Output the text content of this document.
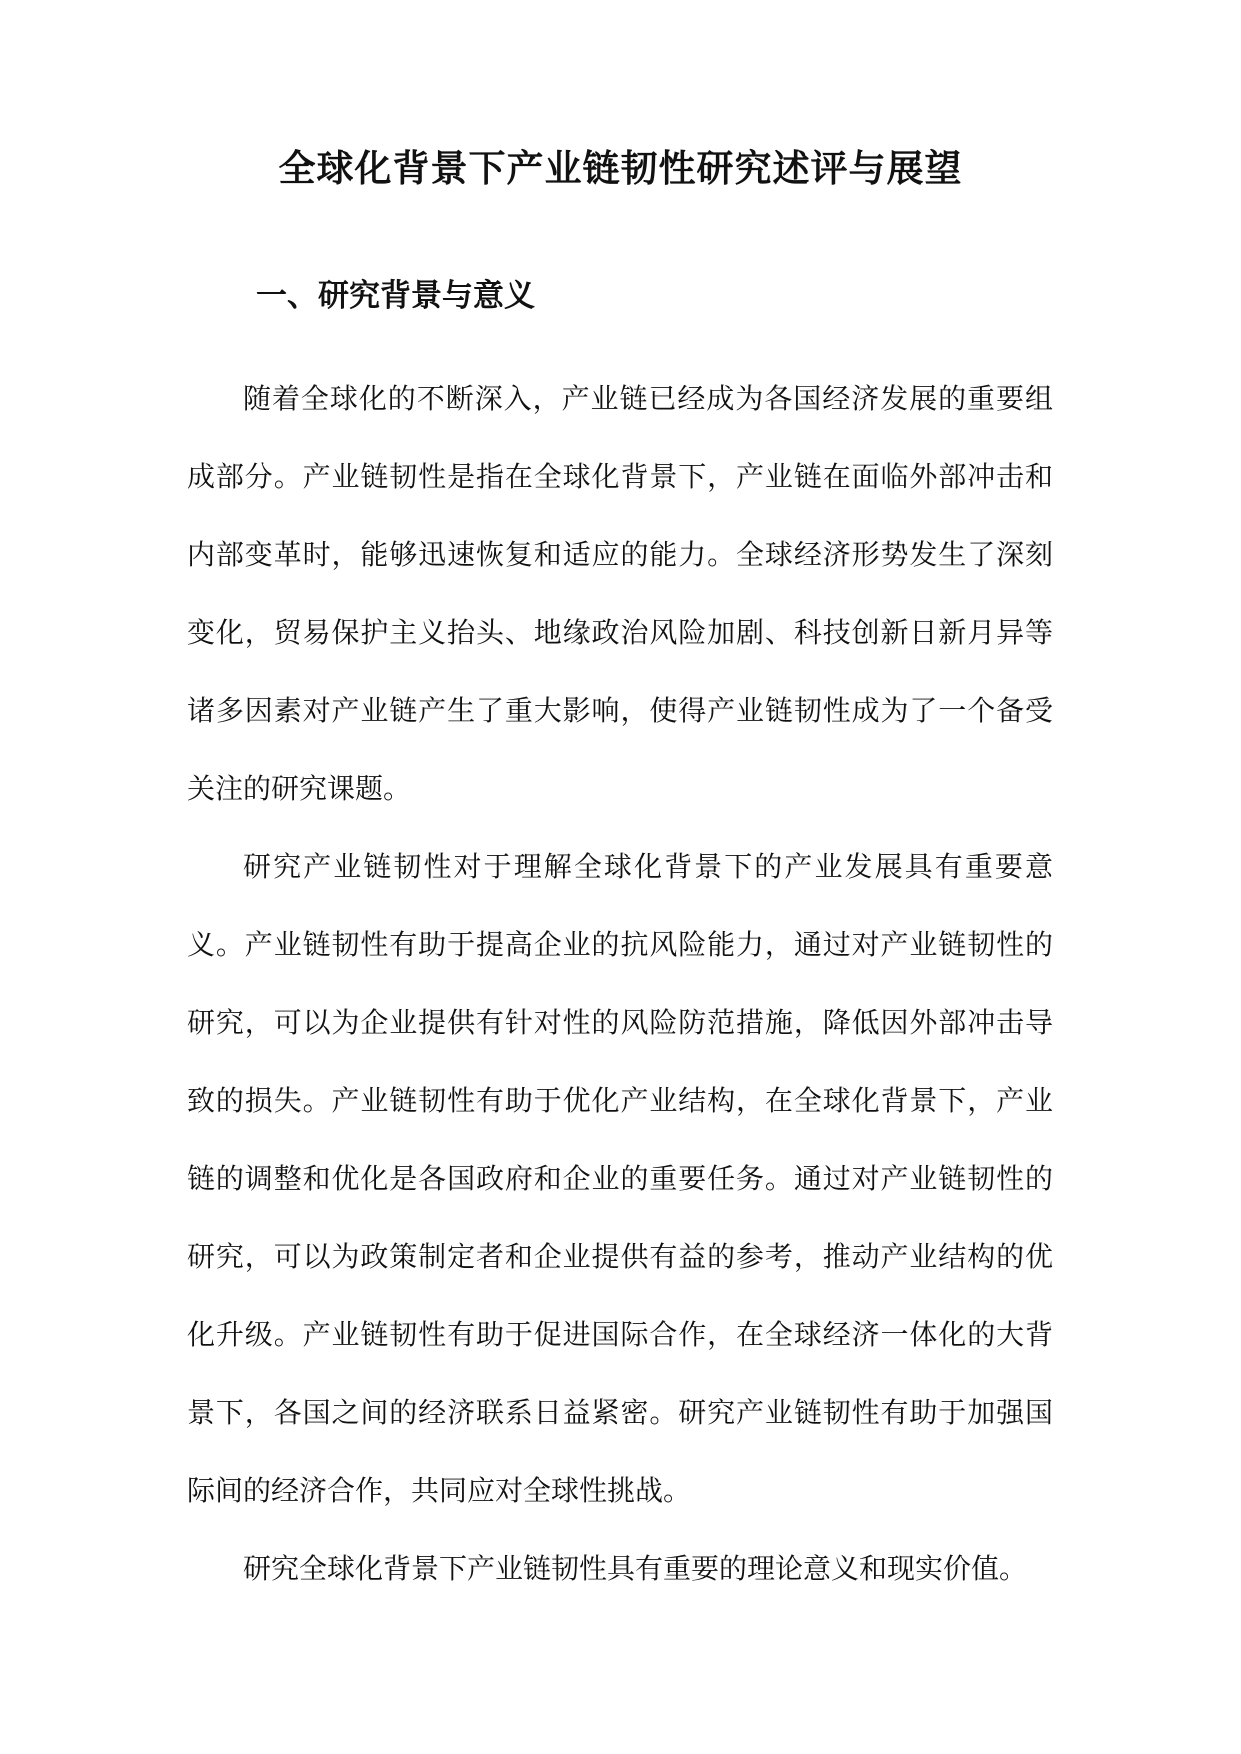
全球化背景下产业链韧性研究述评与展望
一、研究背景与意义

随着全球化的不断深入，产业链已经成为各国经济发展的重要组成部分。产业链韧性是指在全球化背景下，产业链在面临外部冲击和内部变革时，能够迅速恢复和适应的能力。全球经济形势发生了深刻变化，贸易保护主义抬头、地缘政治风险加剧、科技创新日新月异等诸多因素对产业链产生了重大影响，使得产业链韧性成为了一个备受关注的研究课题。

研究产业链韧性对于理解全球化背景下的产业发展具有重要意义。产业链韧性有助于提高企业的抗风险能力，通过对产业链韧性的研究，可以为企业提供有针对性的风险防范措施，降低因外部冲击导致的损失。产业链韧性有助于优化产业结构，在全球化背景下，产业链的调整和优化是各国政府和企业的重要任务。通过对产业链韧性的研究，可以为政策制定者和企业提供有益的参考，推动产业结构的优化升级。产业链韧性有助于促进国际合作，在全球经济一体化的大背景下，各国之间的经济联系日益紧密。研究产业链韧性有助于加强国际间的经济合作，共同应对全球性挑战。

研究全球化背景下产业链韧性具有重要的理论意义和现实价值。
